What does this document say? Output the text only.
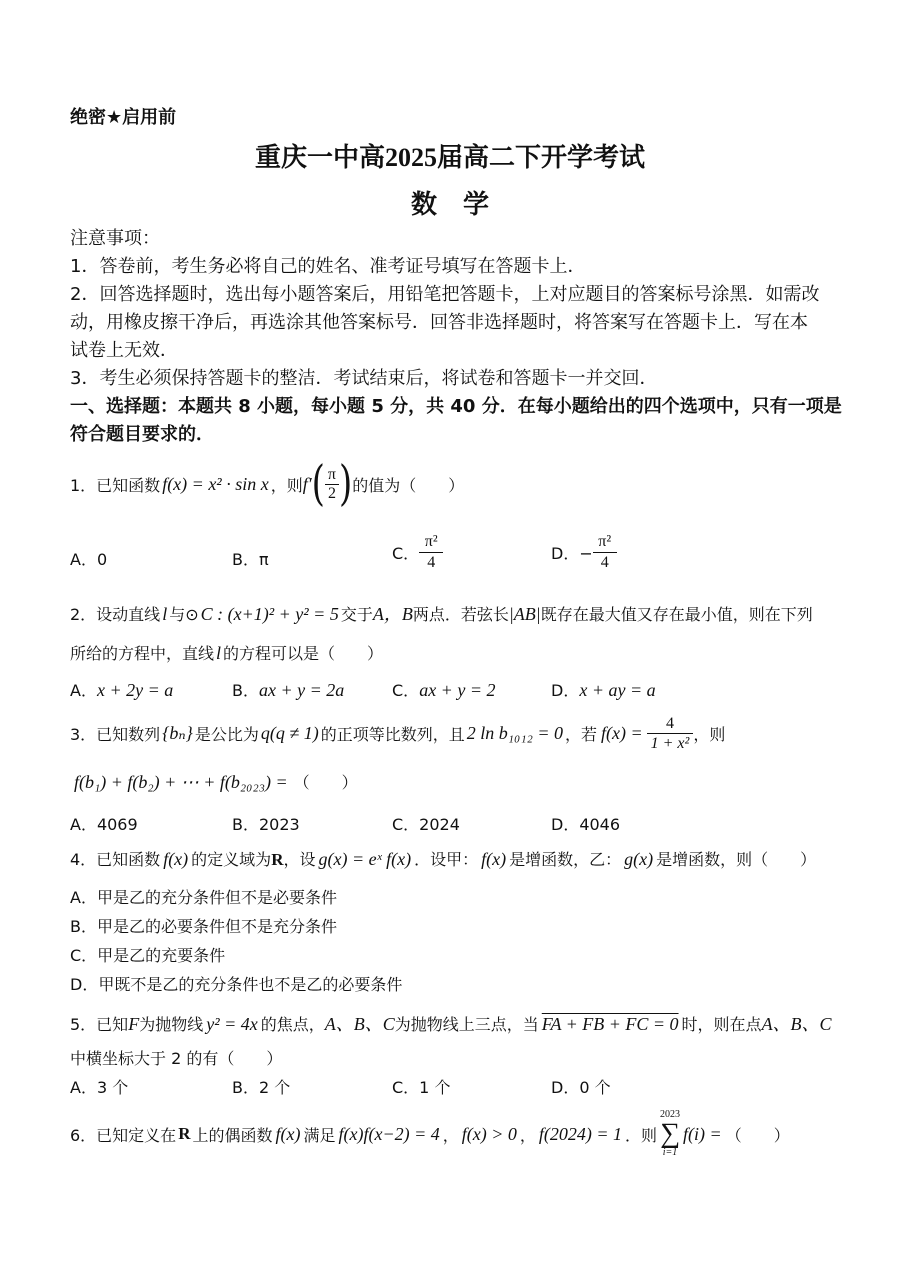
绝密★启用前
重庆一中高2025届高二下开学考试
数　学
注意事项：
1．答卷前，考生务必将自己的姓名、准考证号填写在答题卡上．
2．回答选择题时，选出每小题答案后，用铅笔把答题卡，上对应题目的答案标号涂黑．如需改
动，用橡皮擦干净后，再选涂其他答案标号．回答非选择题时，将答案写在答题卡上．写在本
试卷上无效．
3．考生必须保持答题卡的整洁．考试结束后，将试卷和答题卡一并交回．
一、选择题：本题共 8 小题，每小题 5 分，共 40 分．在每小题给出的四个选项中，只有一项是
符合题目要求的．
1．已知函数 f(x) = x² · sin x ，则 f′ ( $\frac{\pi}{2}$ ) 的值为（　　）
A．0	B．π	C． $\frac{\text{π²}}{4}$	D．− $\frac{\text{π²}}{4}$
2．设动直线 l 与⊙ C : (x+1)² + y² = 5 交于 A，B 两点．若弦长 |AB| 既存在最大值又存在最小值，则在下列
所给的方程中，直线 l 的方程可以是（　　）
A．x + 2y = a	B．ax + y = 2a	C．ax + y = 2	D．x + ay = a
3．已知数列 {bₙ} 是公比为 q(q ≠ 1) 的正项等比数列，且 2 ln b₁₀₁₂ = 0 ，若 $f(x) = \frac{4}{\text{1 + x²}}$ ，则
f(b₁) + f(b₂) + ⋯ + f(b₂₀₂₃) = （　　）
A．4069	B．2023	C．2024	D．4046
4．已知函数 f(x) 的定义域为 R ，设 g(x) = eˣ f(x) ．设甲： f(x) 是增函数，乙： g(x) 是增函数，则（　　）
A．甲是乙的充分条件但不是必要条件
B．甲是乙的必要条件但不是充分条件
C．甲是乙的充要条件
D．甲既不是乙的充分条件也不是乙的必要条件
5．已知 F 为抛物线 y² = 4x 的焦点， A、B、C 为抛物线上三点，当 FA + FB + FC = 0 时，则在点 A、B、C
中横坐标大于 2 的有（　　）
A．3 个	B．2 个	C．1 个	D．0 个
6．已知定义在 R 上的偶函数 f(x) 满足 f(x)f(x−2) = 4 ， f(x) > 0 ， f(2024) = 1 ．则
2023
∑
i=1
f(i) = （　　）
